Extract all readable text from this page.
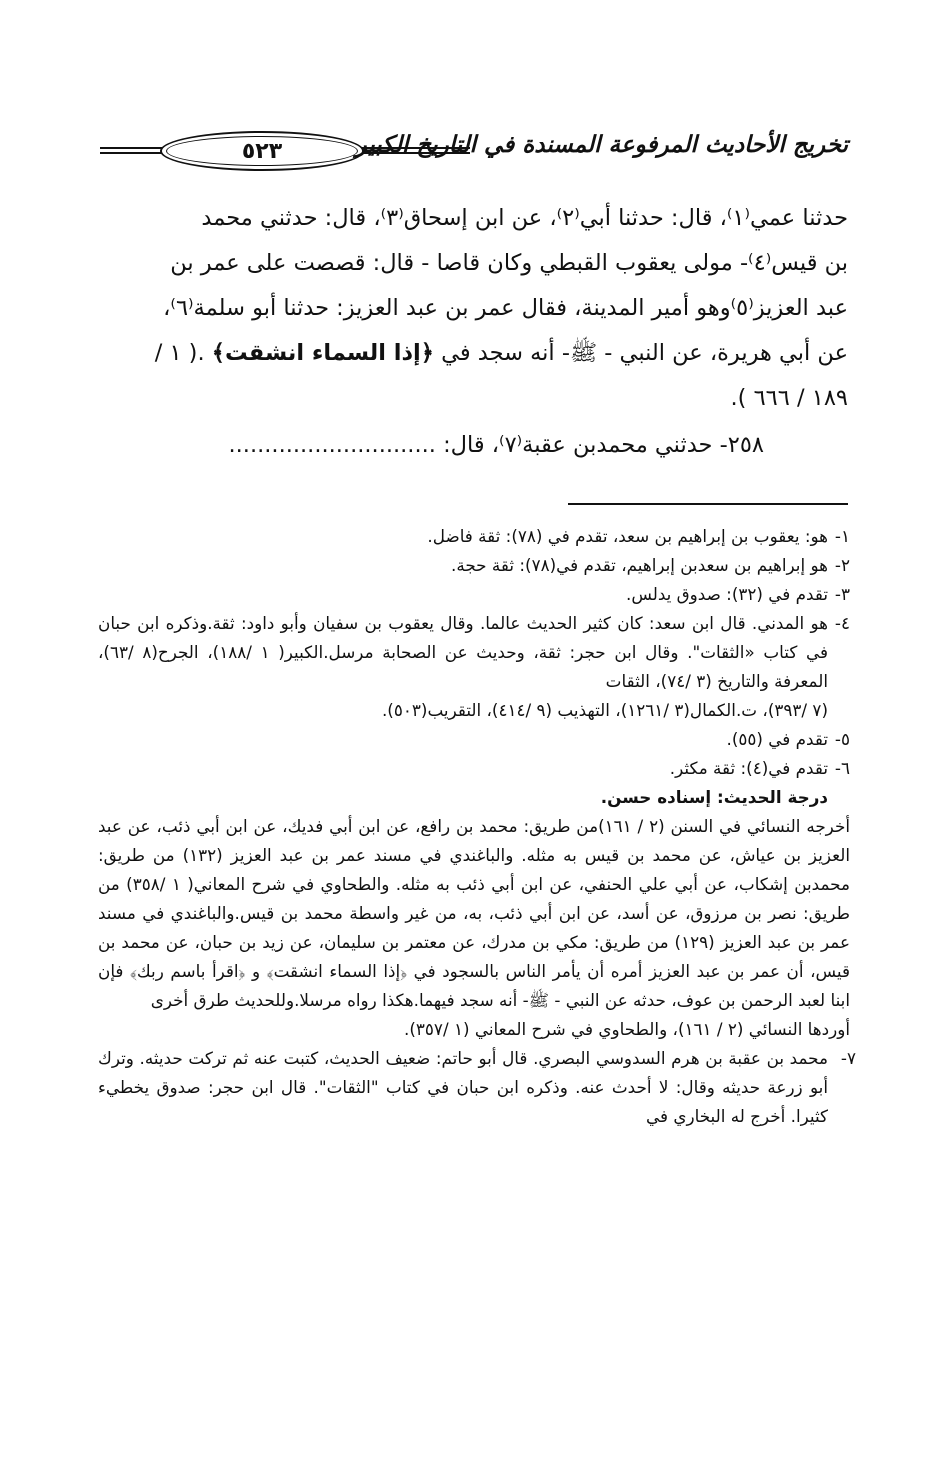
تخريج الأحاديث المرفوعة المسندة في التاريخ الكبير
٥٢٣

حدثنا عمي⁽١⁾، قال: حدثنا أبي⁽٢⁾، عن ابن إسحاق⁽٣⁾، قال: حدثني محمد

بن قيس⁽٤⁾- مولى يعقوب القبطي وكان قاصا - قال: قصصت على عمر بن

عبد العزيز⁽٥⁾وهو أمير المدينة، فقال عمر بن عبد العزيز: حدثنا أبو سلمة⁽٦⁾،

عن أبي هريرة، عن النبي - ﷺ- أنه سجد في ﴿إذا السماء انشقت﴾ .( ١ /

١٨٩ / ٦٦٦ ).

٢٥٨- حدثني محمدبن عقبة⁽٧⁾، قال: .............................

١-
هو: يعقوب بن إبراهيم بن سعد، تقدم في (٧٨): ثقة فاضل.

٢-
هو إبراهيم بن سعدبن إبراهيم، تقدم في(٧٨): ثقة حجة.

٣-
تقدم في (٣٢): صدوق يدلس.

٤-
هو المدني. قال ابن سعد: كان كثير الحديث عالما. وقال يعقوب بن سفيان وأبو داود: ثقة.وذكره ابن حبان في كتاب «الثقات". وقال ابن حجر: ثقة، وحديث عن الصحابة مرسل.الكبير( ١ /١٨٨)، الجرح(٨ /٦٣)، المعرفة والتاريخ (٣ /٧٤)، الثقات

(٧ /٣٩٣)، ت.الكمال(٣ /١٢٦١)، التهذيب (٩ /٤١٤)، التقريب(٥٠٣).

٥-
تقدم في (٥٥).

٦-
تقدم في(٤): ثقة مكثر.

درجة الحديث: إسناده حسن.

أخرجه النسائي في السنن (٢ / ١٦١)من طريق: محمد بن رافع، عن ابن أبي فديك، عن ابن أبي ذئب، عن عبد العزيز بن عياش، عن محمد بن قيس به مثله. والباغندي في مسند عمر بن عبد العزيز (١٣٢) من طريق: محمدبن إشكاب، عن أبي علي الحنفي، عن ابن أبي ذئب به مثله. والطحاوي في شرح المعاني( ١ /٣٥٨) من طريق: نصر بن مرزوق، عن أسد، عن ابن أبي ذئب، به، من غير واسطة محمد بن قيس.والباغندي في مسند عمر بن عبد العزيز (١٢٩) من طريق: مكي بن مدرك، عن معتمر بن سليمان، عن زيد بن حبان، عن محمد بن قيس، أن عمر بن عبد العزيز أمره أن يأمر الناس بالسجود في ﴿إذا السماء انشقت﴾ و ﴿اقرأ باسم ربك﴾ فإن ابنا لعبد الرحمن بن عوف، حدثه عن النبي - ﷺ- أنه سجد فيهما.هكذا رواه مرسلا.وللحديث طرق أخرى

أوردها النسائي (٢ / ١٦١)، والطحاوي في شرح المعاني (١ /٣٥٧).

٧-
محمد بن عقبة بن هرم السدوسي البصري. قال أبو حاتم: ضعيف الحديث، كتبت عنه ثم تركت حديثه. وترك أبو زرعة حديثه وقال: لا أحدث عنه. وذكره ابن حبان في كتاب "الثقات". قال ابن حجر: صدوق يخطيء كثيرا. أخرج له البخاري في
